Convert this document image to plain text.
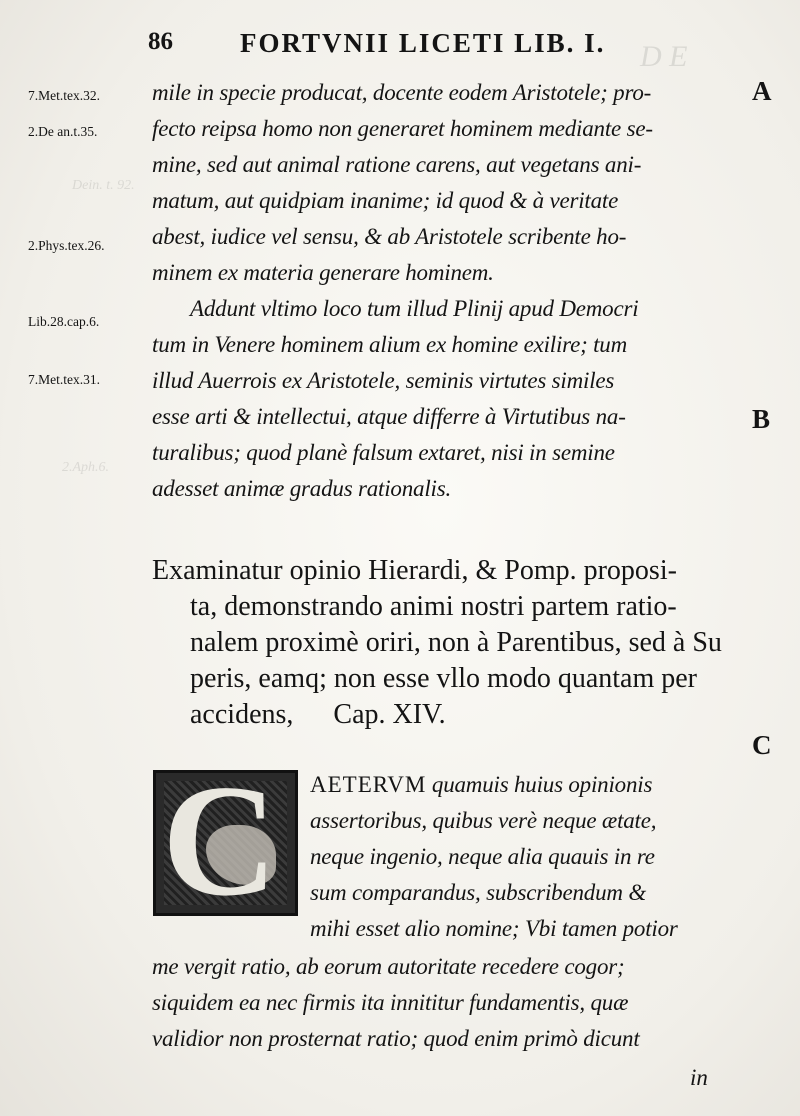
D E
Dein. t. 92.
2.Aph.6.
86 FORTVNII LICETI LIB. I.
7.Met.tex.32.
2.De an.t.35.
2.Phys.tex.26.
Lib.28.cap.6.
7.Met.tex.31.
A
B
C
mile in specie producat, docente eodem Aristotele; pro-
fecto reipsa homo non generaret hominem mediante se-
mine, sed aut animal ratione carens, aut vegetans ani-
matum, aut quidpiam inanime; id quod & à veritate
abest, iudice vel sensu, & ab Aristotele scribente ho-
minem ex materia generare hominem.
Addunt vltimo loco tum illud Plinij apud Democri
tum in Venere hominem alium ex homine exilire; tum
illud Auerrois ex Aristotele, seminis virtutes similes
esse arti & intellectui, atque differre à Virtutibus na-
turalibus; quod planè falsum extaret, nisi in semine
adesset animæ gradus rationalis.
Examinatur opinio Hierardi, & Pomp. proposi-
ta, demonstrando animi nostri partem ratio-
nalem proximè oriri, non à Parentibus, sed à Su
peris, eamq; non esse vllo modo quantam per
accidens, Cap. XIV.
C AETERVM quamuis huius opinionis
assertoribus, quibus verè neque ætate,
neque ingenio, neque alia quauis in re
sum comparandus, subscribendum &
mihi esset alio nomine; Vbi tamen potior
me vergit ratio, ab eorum autoritate recedere cogor;
siquidem ea nec firmis ita innititur fundamentis, quæ
validior non prosternat ratio; quod enim primò dicunt
in
